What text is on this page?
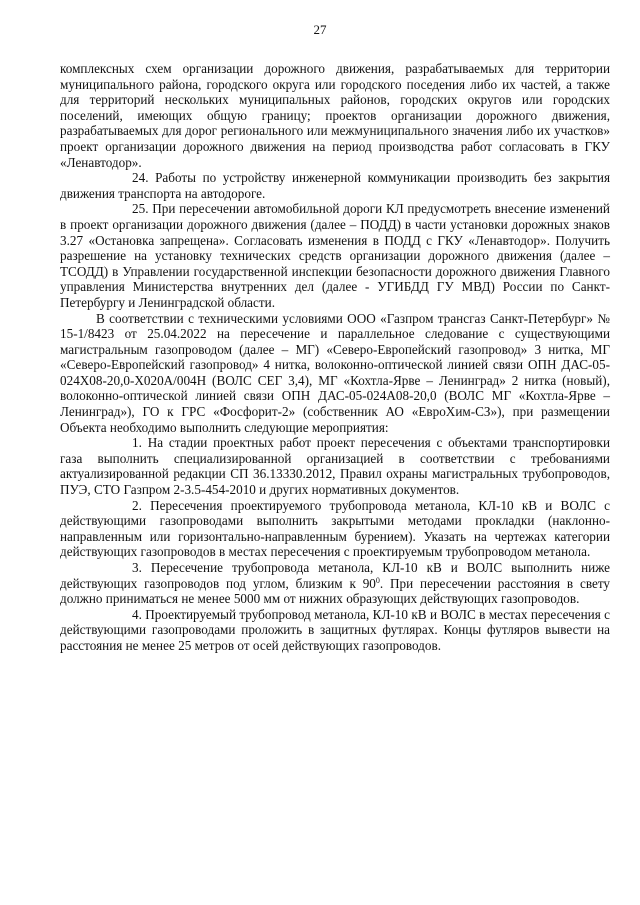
27

комплексных схем организации дорожного движения, разрабатываемых для территории муниципального района, городского округа или городского поседения либо их частей, а также для территорий нескольких муниципальных районов, городских округов или городских поселений, имеющих общую границу; проектов организации дорожного движения, разрабатываемых для дорог регионального или межмуниципального значения либо их участков» проект организации дорожного движения на период производства работ согласовать в ГКУ «Ленавтодор».

24. Работы по устройству инженерной коммуникации производить без закрытия движения транспорта на автодороге.

25. При пересечении автомобильной дороги КЛ предусмотреть внесение изменений в проект организации дорожного движения (далее – ПОДД) в части установки дорожных знаков 3.27 «Остановка запрещена». Согласовать изменения в ПОДД с ГКУ «Ленавтодор». Получить разрешение на установку технических средств организации дорожного движения (далее – ТСОДД) в Управлении государственной инспекции безопасности дорожного движения Главного управления Министерства внутренних дел (далее - УГИБДД ГУ МВД) России по Санкт-Петербургу и Ленинградской области.

В соответствии с техническими условиями ООО «Газпром трансгаз Санкт-Петербург» № 15-1/8423 от 25.04.2022 на пересечение и параллельное следование с существующими магистральным газопроводом (далее – МГ) «Северо-Европейский газопровод» 3 нитка, МГ «Северо-Европейский газопровод» 4 нитка, волоконно-оптической линией связи ОПН ДАС-05-024Х08-20,0-Х020А/004Н (ВОЛС СЕГ 3,4), МГ «Кохтла-Ярве – Ленинград» 2 нитка (новый), волоконно-оптической линией связи ОПН ДАС-05-024А08-20,0 (ВОЛС МГ «Кохтла-Ярве – Ленинград»), ГО к ГРС «Фосфорит-2» (собственник АО «ЕвроХим-СЗ»), при размещении Объекта необходимо выполнить следующие мероприятия:

1. На стадии проектных работ проект пересечения с объектами транспортировки газа выполнить специализированной организацией в соответствии с требованиями актуализированной редакции СП 36.13330.2012, Правил охраны магистральных трубопроводов, ПУЭ, СТО Газпром 2-3.5-454-2010 и других нормативных документов.

2. Пересечения проектируемого трубопровода метанола, КЛ-10 кВ и ВОЛС с действующими газопроводами выполнить закрытыми методами прокладки (наклонно-направленным или горизонтально-направленным бурением). Указать на чертежах категории действующих газопроводов в местах пересечения с проектируемым трубопроводом метанола.

3. Пересечение трубопровода метанола, КЛ-10 кВ и ВОЛС выполнить ниже действующих газопроводов под углом, близким к $90^0$. При пересечении расстояния в свету должно приниматься не менее 5000 мм от нижних образующих действующих газопроводов.

4. Проектируемый трубопровод метанола, КЛ-10 кВ и ВОЛС в местах пересечения с действующими газопроводами проложить в защитных футлярах. Концы футляров вывести на расстояния не менее 25 метров от осей действующих газопроводов.
